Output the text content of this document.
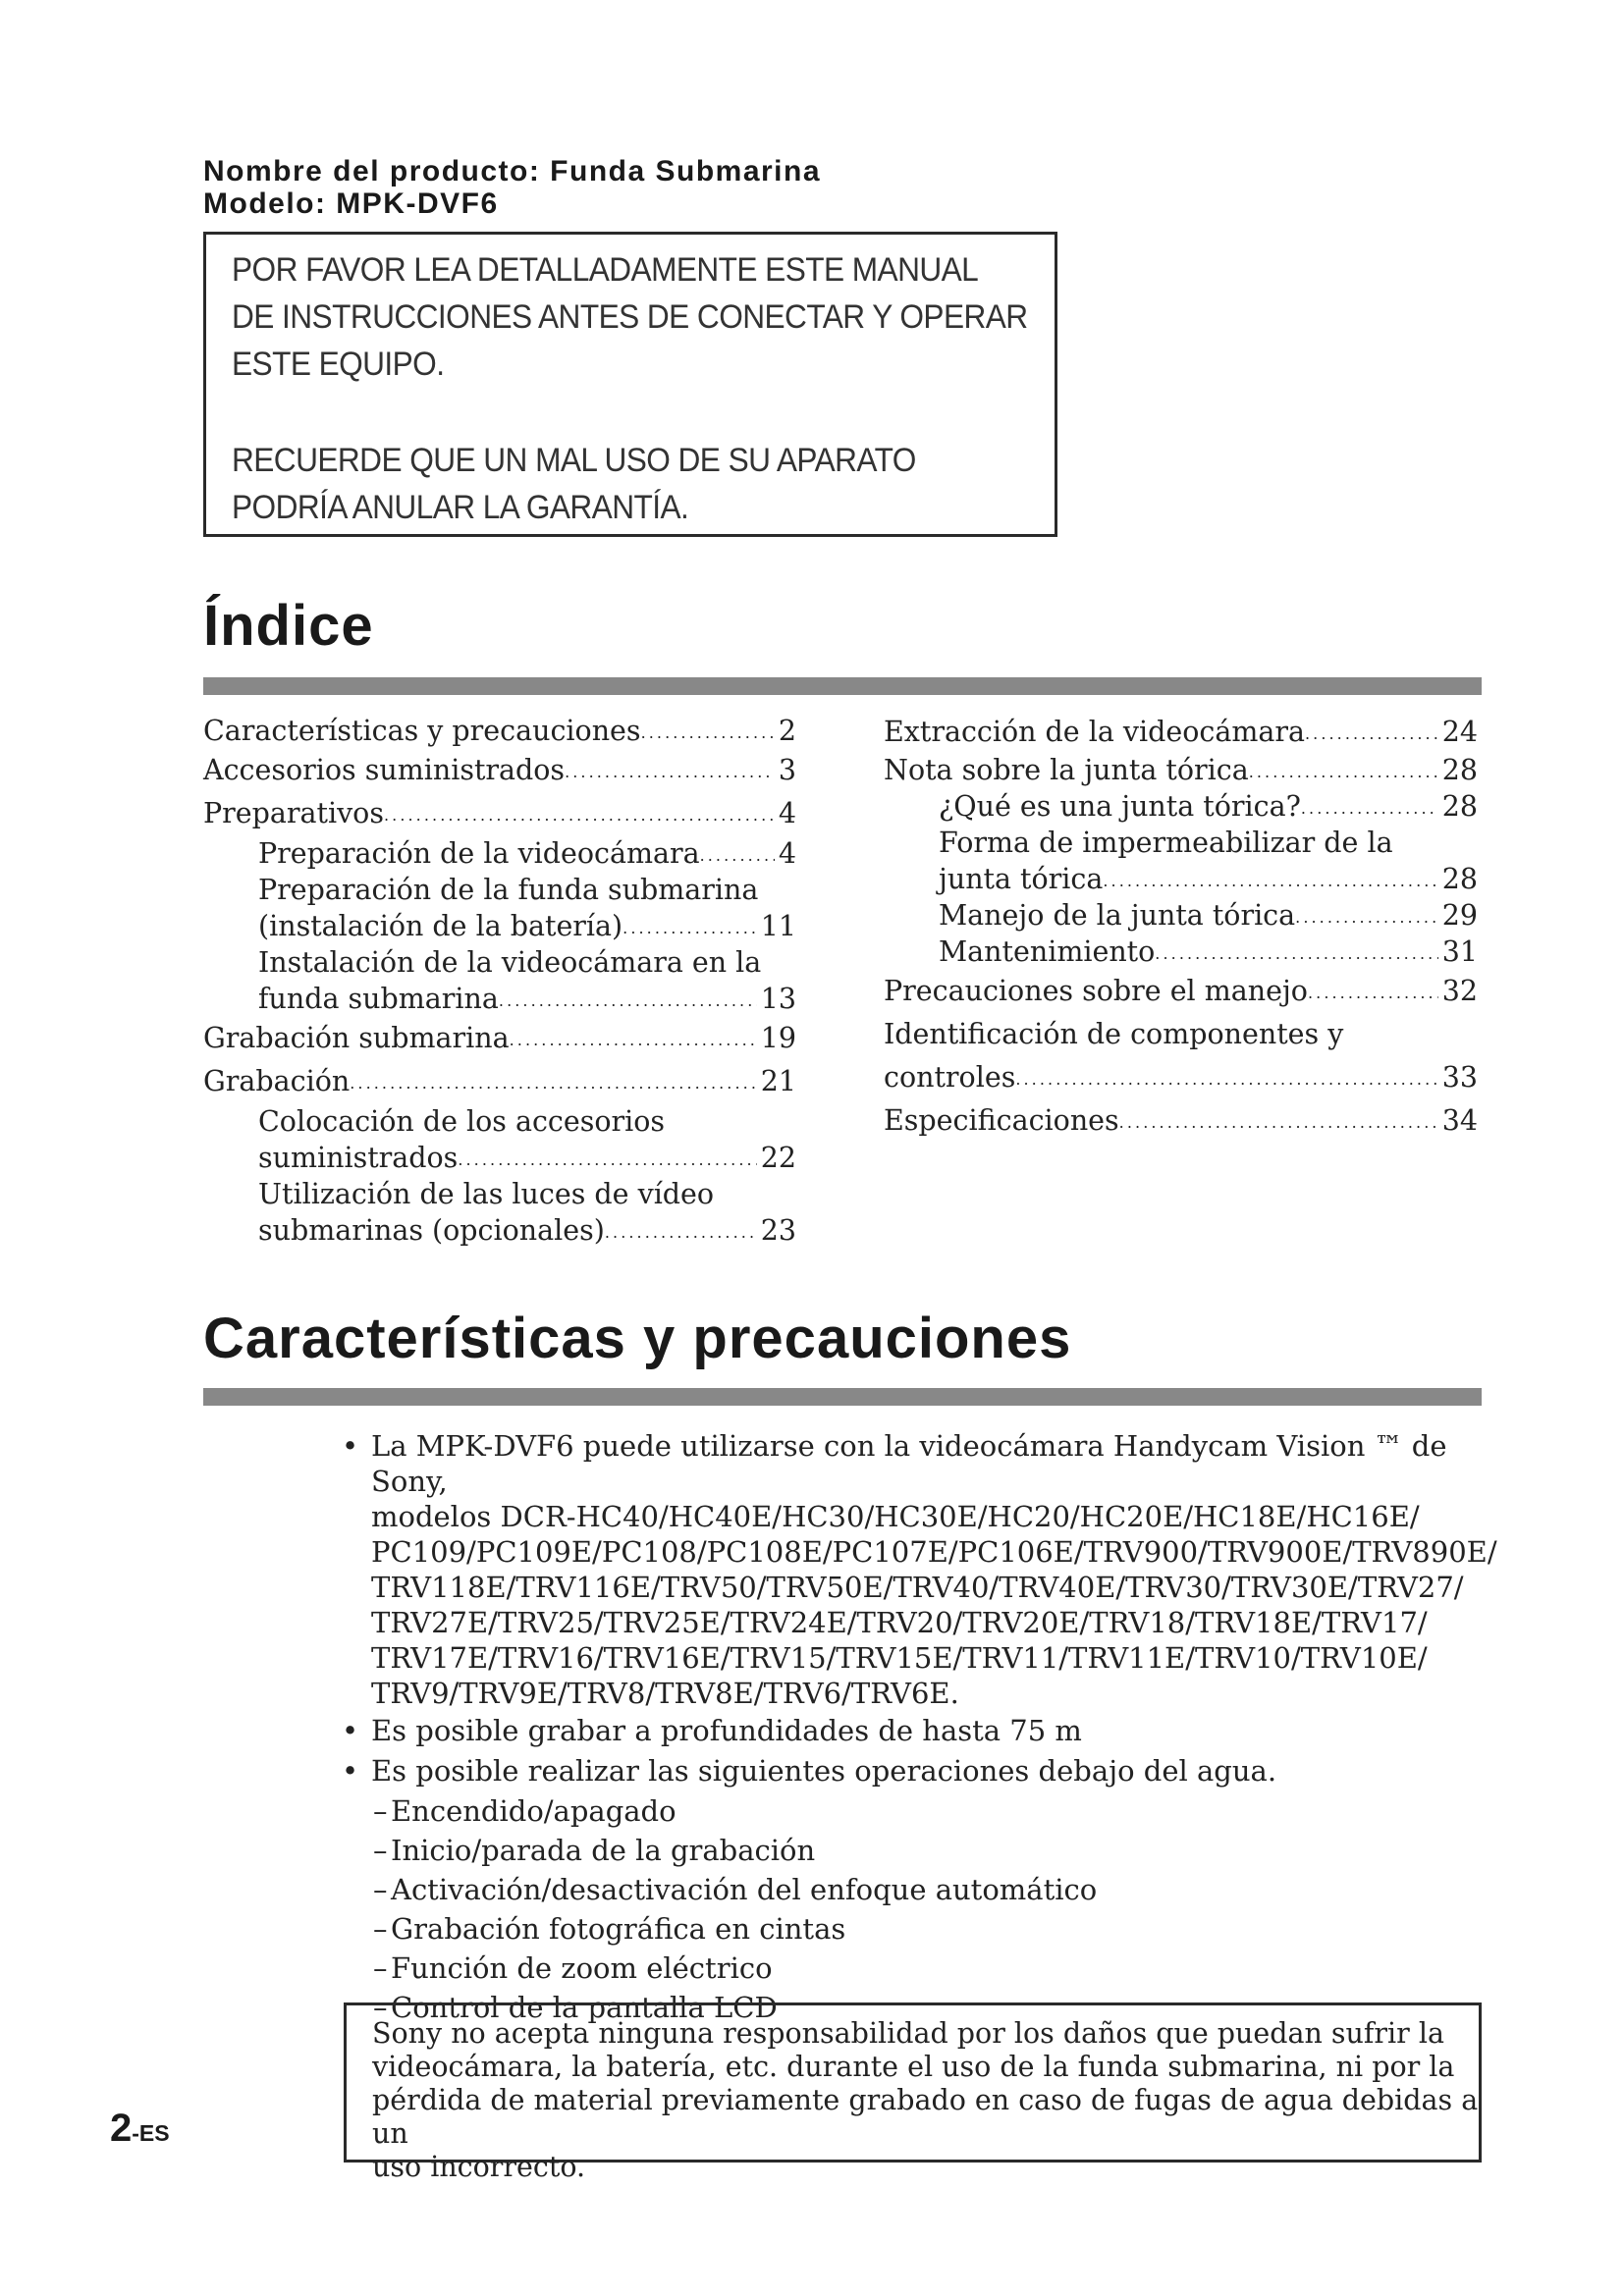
Nombre del producto: Funda Submarina
Modelo: MPK-DVF6
POR FAVOR LEA DETALLADAMENTE ESTE MANUAL
DE INSTRUCCIONES ANTES DE CONECTAR Y OPERAR
ESTE EQUIPO.
RECUERDE QUE UN MAL USO DE SU APARATO
PODRÍA ANULAR LA GARANTÍA.
Índice
Características y precauciones . . .	2
Accesorios suministrados . . .	3
Preparativos . . .	4
Preparación de la videocámara . . .	4
Preparación de la funda submarina
(instalación de la batería) . . .	11
Instalación de la videocámara en la
funda submarina . . .	13
Grabación submarina . . .	19
Grabación . . .	21
Colocación de los accesorios
suministrados . . .	22
Utilización de las luces de vídeo
submarinas (opcionales) . . .	23
Extracción de la videocámara . . .	24
Nota sobre la junta tórica . . .	28
¿Qué es una junta tórica? . . .	28
Forma de impermeabilizar de la
junta tórica . . .	28
Manejo de la junta tórica . . .	29
Mantenimiento . . .	31
Precauciones sobre el manejo . . .	32
Identificación de componentes y
controles . . .	33
Especificaciones . . .	34
Características y precauciones
• La MPK-DVF6 puede utilizarse con la videocámara Handycam Vision ™ de Sony,
modelos DCR-HC40/HC40E/HC30/HC30E/HC20/HC20E/HC18E/HC16E/
PC109/PC109E/PC108/PC108E/PC107E/PC106E/TRV900/TRV900E/TRV890E/
TRV118E/TRV116E/TRV50/TRV50E/TRV40/TRV40E/TRV30/TRV30E/TRV27/
TRV27E/TRV25/TRV25E/TRV24E/TRV20/TRV20E/TRV18/TRV18E/TRV17/
TRV17E/TRV16/TRV16E/TRV15/TRV15E/TRV11/TRV11E/TRV10/TRV10E/
TRV9/TRV9E/TRV8/TRV8E/TRV6/TRV6E.
• Es posible grabar a profundidades de hasta 75 m
• Es posible realizar las siguientes operaciones debajo del agua.
– Encendido/apagado
– Inicio/parada de la grabación
– Activación/desactivación del enfoque automático
– Grabación fotográfica en cintas
– Función de zoom eléctrico
– Control de la pantalla LCD
Sony no acepta ninguna responsabilidad por los daños que puedan sufrir la
videocámara, la batería, etc. durante el uso de la funda submarina, ni por la
pérdida de material previamente grabado en caso de fugas de agua debidas a un
uso incorrecto.
2-ES
